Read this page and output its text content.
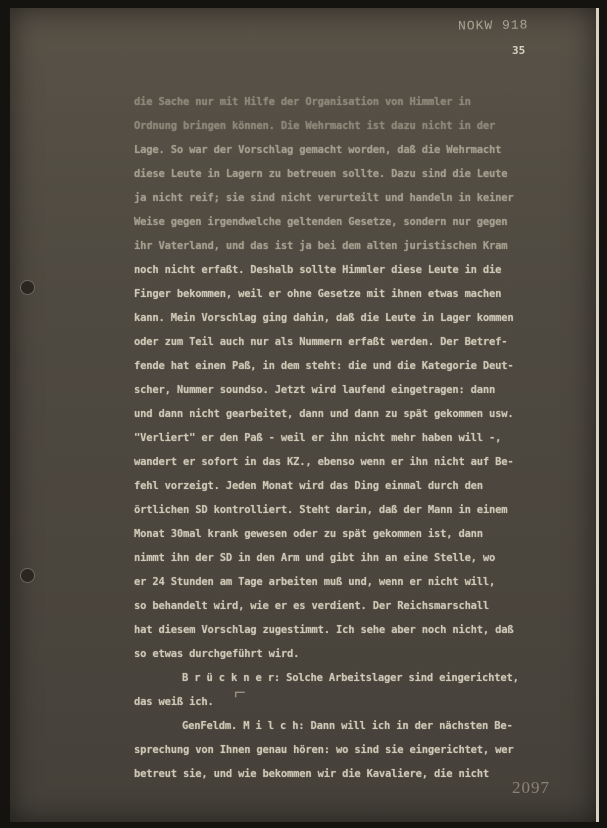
NOKW 918
35
die Sache nur mit Hilfe der Organisation von Himmler in
Ordnung bringen können. Die Wehrmacht ist dazu nicht in der
Lage. So war der Vorschlag gemacht worden, daß die Wehrmacht
diese Leute in Lagern zu betreuen sollte. Dazu sind die Leute
ja nicht reif; sie sind nicht verurteilt und handeln in keiner
Weise gegen irgendwelche geltenden Gesetze, sondern nur gegen
ihr Vaterland, und das ist ja bei dem alten juristischen Kram
noch nicht erfaßt. Deshalb sollte Himmler diese Leute in die
Finger bekommen, weil er ohne Gesetze mit ihnen etwas machen
kann. Mein Vorschlag ging dahin, daß die Leute in Lager kommen
oder zum Teil auch nur als Nummern erfaßt werden. Der Betref-
fende hat einen Paß, in dem steht: die und die Kategorie Deut-
scher, Nummer soundso. Jetzt wird laufend eingetragen: dann
und dann nicht gearbeitet, dann und dann zu spät gekommen usw.
"Verliert" er den Paß - weil er ihn nicht mehr haben will -,
wandert er sofort in das KZ., ebenso wenn er ihn nicht auf Be-
fehl vorzeigt. Jeden Monat wird das Ding einmal durch den
örtlichen SD kontrolliert. Steht darin, daß der Mann in einem
Monat 30mal krank gewesen oder zu spät gekommen ist, dann
nimmt ihn der SD in den Arm und gibt ihn an eine Stelle, wo
er 24 Stunden am Tage arbeiten muß und, wenn er nicht will,
so behandelt wird, wie er es verdient. Der Reichsmarschall
hat diesem Vorschlag zugestimmt. Ich sehe aber noch nicht, daß
so etwas durchgeführt wird.
B r ü c k n e r: Solche Arbeitslager sind eingerichtet,
das weiß ich.
GenFeldm. M i l c h: Dann will ich in der nächsten Be-
sprechung von Ihnen genau hören: wo sind sie eingerichtet, wer
betreut sie, und wie bekommen wir die Kavaliere, die nicht
⌐
2097
